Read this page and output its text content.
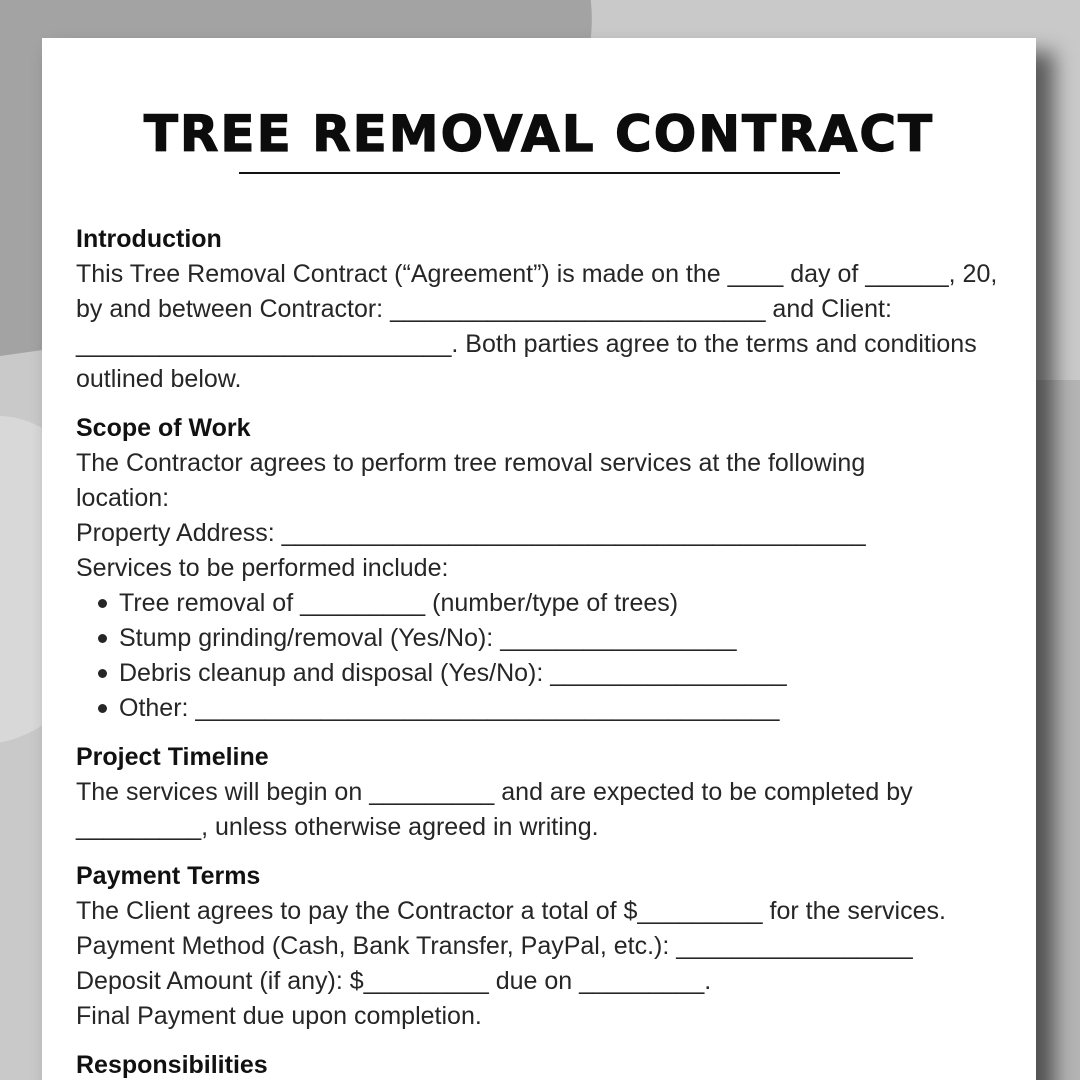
TREE REMOVAL CONTRACT

Introduction

This Tree Removal Contract (“Agreement”) is made on the ____ day of ______, 20,

by and between Contractor: ___________________________ and Client:

___________________________. Both parties agree to the terms and conditions

outlined below.

Scope of Work

The Contractor agrees to perform tree removal services at the following

location:

Property Address: __________________________________________

Services to be performed include:

Tree removal of _________ (number/type of trees)
Stump grinding/removal (Yes/No): _________________
Debris cleanup and disposal (Yes/No): _________________
Other: __________________________________________

Project Timeline

The services will begin on _________ and are expected to be completed by

_________, unless otherwise agreed in writing.

Payment Terms

The Client agrees to pay the Contractor a total of $_________ for the services.

Payment Method (Cash, Bank Transfer, PayPal, etc.): _________________

Deposit Amount (if any): $_________ due on _________.

Final Payment due upon completion.

Responsibilities
